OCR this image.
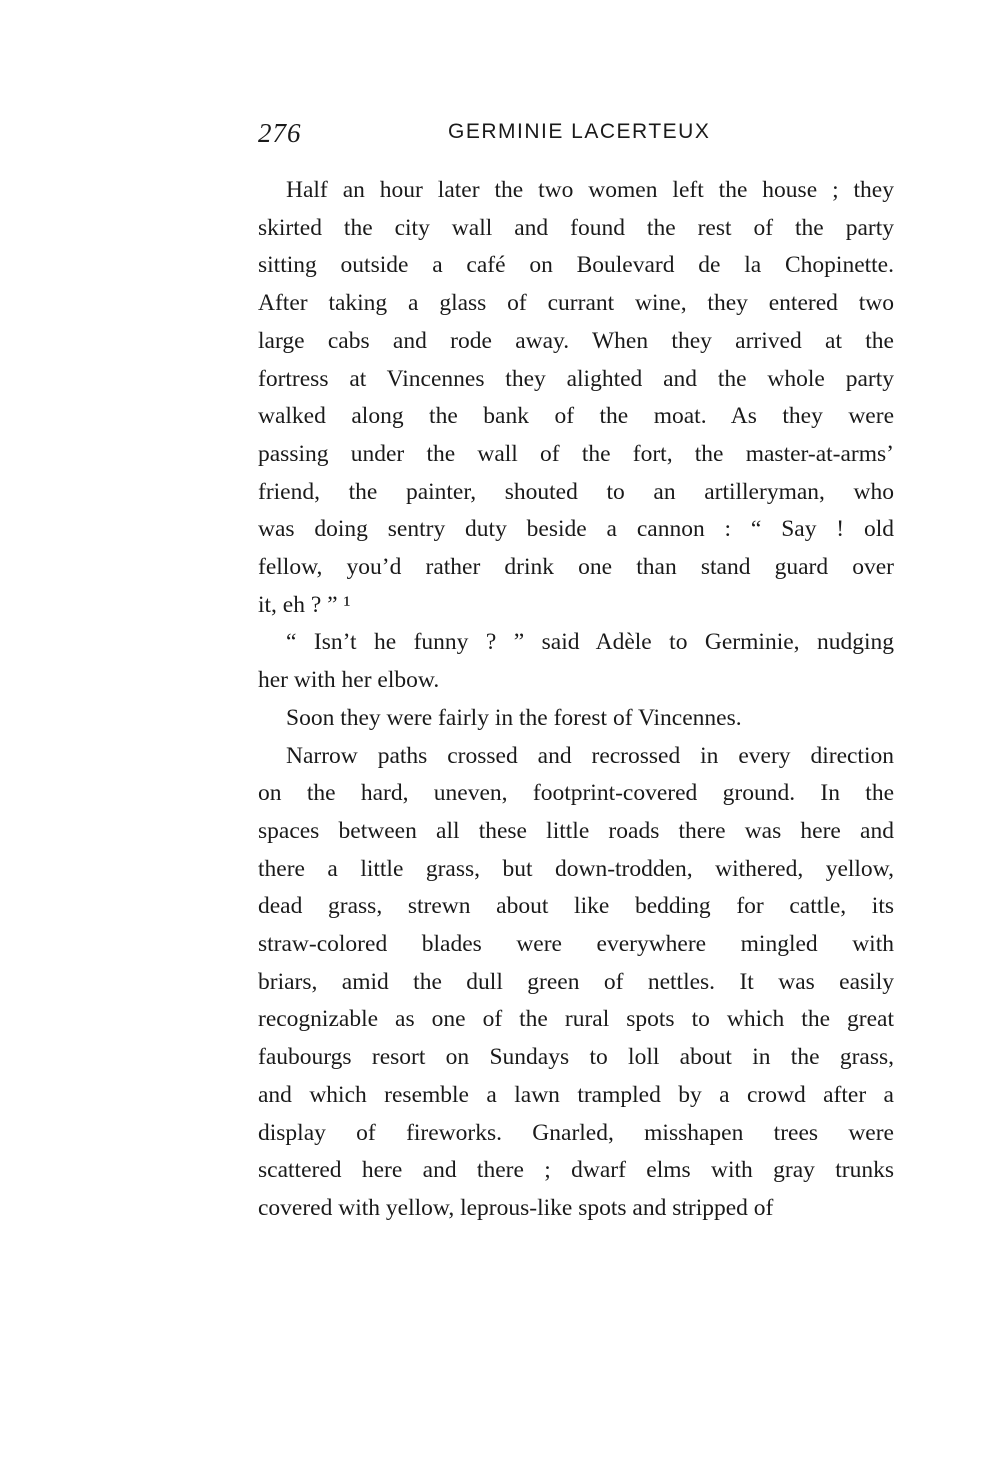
276	GERMINIE LACERTEUX
Half an hour later the two women left the house ; they
skirted the city wall and found the rest of the party
sitting outside a café on Boulevard de la Chopinette.
After taking a glass of currant wine, they entered two
large cabs and rode away. When they arrived at the
fortress at Vincennes they alighted and the whole party
walked along the bank of the moat. As they were
passing under the wall of the fort, the master-at-arms’
friend, the painter, shouted to an artilleryman, who
was doing sentry duty beside a cannon : “ Say ! old
fellow, you’d rather drink one than stand guard over
it, eh ? ” ¹
“ Isn’t he funny ? ” said Adèle to Germinie, nudging
her with her elbow.
Soon they were fairly in the forest of Vincennes.
Narrow paths crossed and recrossed in every direction
on the hard, uneven, footprint-covered ground. In the
spaces between all these little roads there was here and
there a little grass, but down-trodden, withered, yellow,
dead grass, strewn about like bedding for cattle, its
straw-colored blades were everywhere mingled with
briars, amid the dull green of nettles. It was easily
recognizable as one of the rural spots to which the great
faubourgs resort on Sundays to loll about in the grass,
and which resemble a lawn trampled by a crowd after a
display of fireworks. Gnarled, misshapen trees were
scattered here and there ; dwarf elms with gray trunks
covered with yellow, leprous-like spots and stripped of
